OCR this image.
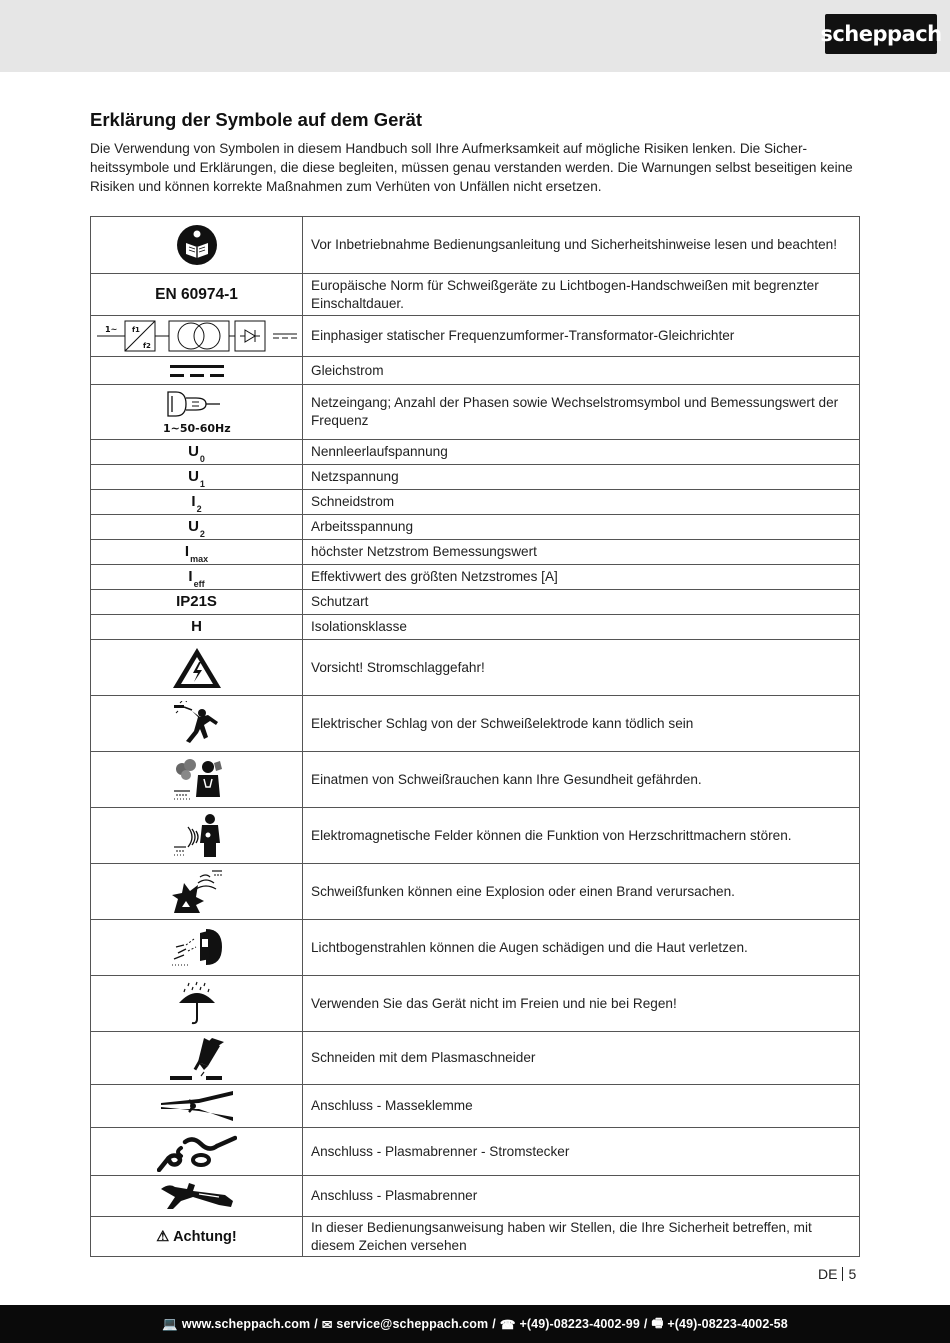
scheppach
Erklärung der Symbole auf dem Gerät

Die Verwendung von Symbolen in diesem Handbuch soll Ihre Aufmerksamkeit auf mögliche Risiken lenken. Die Sicher-heitssymbole und Erklärungen, die diese begleiten, müssen genau verstanden werden. Die Warnungen selbst beseitigen keine Risiken und können korrekte Maßnahmen zum Verhüten von Unfällen nicht ersetzen.

	Vor Inbetriebnahme Bedienungsanleitung und Sicherheitshinweise lesen und beachten!
EN 60974-1	Europäische Norm für Schweißgeräte zu Lichtbogen-Handschweißen mit begrenzter Einschaltdauer.

1~ f1
f2	Einphasiger statischer Frequenzumformer-Transformator-Gleichrichter

	Gleichstrom

1~50-60Hz	Netzeingang; Anzahl der Phasen sowie Wechselstromsymbol und Bemessungswert der Frequenz
$U_0$	Nennleerlaufspannung
$U_1$	Netzspannung
$I_2$	Schneidstrom
$U_2$	Arbeitsspannung
$I_{max}$	höchster Netzstrom Bemessungswert
$I_{eff}$	Effektivwert des größten Netzstromes [A]
IP21S	Schutzart
H	Isolationsklasse

	Vorsicht! Stromschlaggefahr!

	Elektrischer Schlag von der Schweißelektrode kann tödlich sein

	Einatmen von Schweißrauchen kann Ihre Gesundheit gefährden.

	Elektromagnetische Felder können die Funktion von Herzschrittmachern stören.

	Schweißfunken können eine Explosion oder einen Brand verursachen.

	Lichtbogenstrahlen können die Augen schädigen und die Haut verletzen.

	Verwenden Sie das Gerät nicht im Freien und nie bei Regen!

	Schneiden mit dem Plasmaschneider

	Anschluss - Masseklemme

	Anschluss - Plasmabrenner - Stromstecker

	Anschluss - Plasmabrenner
⚠ Achtung!	In dieser Bedienungsanweisung haben wir Stellen, die Ihre Sicherheit betreffen, mit diesem Zeichen versehen
DE 5
💻 www.scheppach.com / ✉ service@scheppach.com / ☎ +(49)-08223-4002-99 / 🖷 +(49)-08223-4002-58
